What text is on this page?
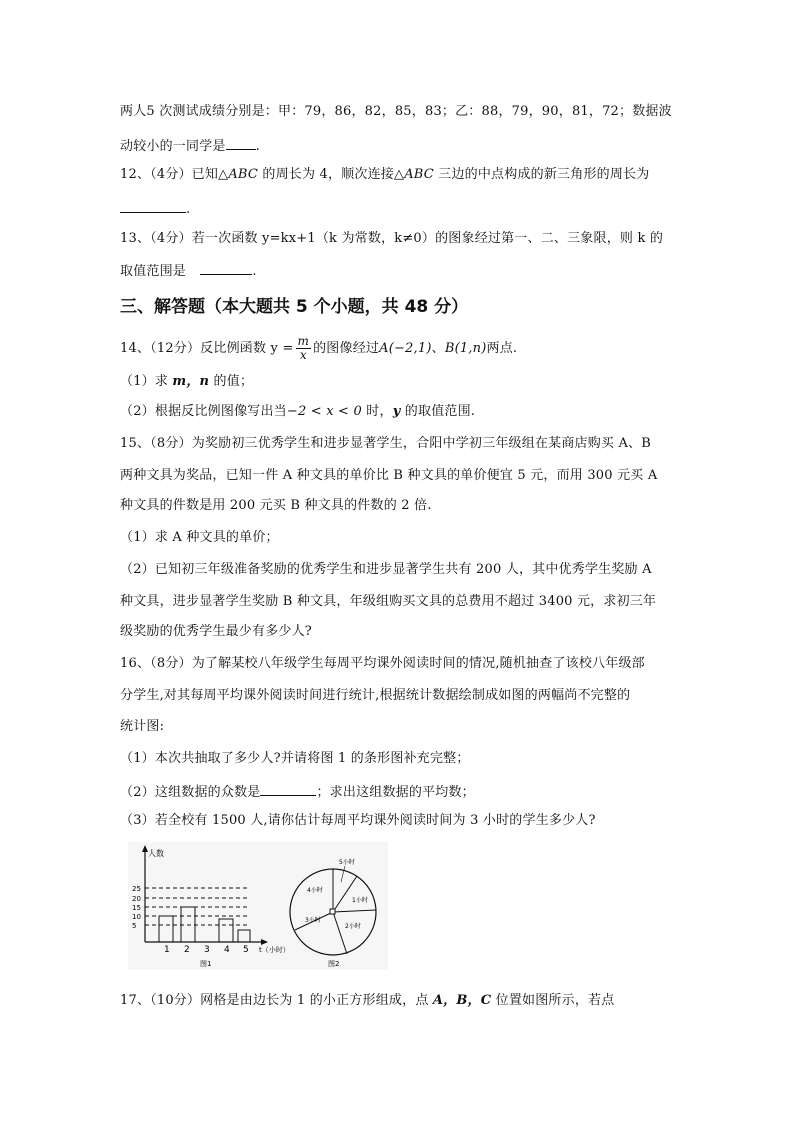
两人5 次测试成绩分别是：甲：79，86，82，85，83；乙：88，79，90，81，72；数据波
动较小的一同学是 .
12、（4分）已知△ABC 的周长为 4，顺次连接△ABC 三边的中点构成的新三角形的周长为
.
13、（4分）若一次函数 y=kx+1（k 为常数，k≠0）的图象经过第一、二、三象限，则 k 的
取值范围是	.
三、解答题（本大题共 5 个小题，共 48 分）
14、（12分）反比例函数 $y = \frac{m}{x}$ 的图像经过A(−2,1)、B(1,n)两点.
（1）求 m，n 的值；
（2）根据反比例图像写出当−2 < x < 0 时，y 的取值范围.
15、（8分）为奖励初三优秀学生和进步显著学生，合阳中学初三年级组在某商店购买 A、B
两种文具为奖品，已知一件 A 种文具的单价比 B 种文具的单价便宜 5 元，而用 300 元买 A
种文具的件数是用 200 元买 B 种文具的件数的 2 倍.
（1）求 A 种文具的单价；
（2）已知初三年级准备奖励的优秀学生和进步显著学生共有 200 人，其中优秀学生奖励 A
种文具，进步显著学生奖励 B 种文具，年级组购买文具的总费用不超过 3400 元，求初三年
级奖励的优秀学生最少有多少人?
16、（8分）为了解某校八年级学生每周平均课外阅读时间的情况,随机抽查了该校八年级部
分学生,对其每周平均课外阅读时间进行统计,根据统计数据绘制成如图的两幅尚不完整的
统计图:
（1）本次共抽取了多少人?并请将图 1 的条形图补充完整；
（2）这组数据的众数是	；求出这组数据的平均数；
（3）若全校有 1500 人,请你估计每周平均课外阅读时间为 3 小时的学生多少人?
人数
25
20
15
10
5
1 2 3 4 5 t（小时）
图1
5小时
4小时
1小时
3小时
2小时
图2
17、（10分）网格是由边长为 1 的小正方形组成，点 A，B，C 位置如图所示，若点
